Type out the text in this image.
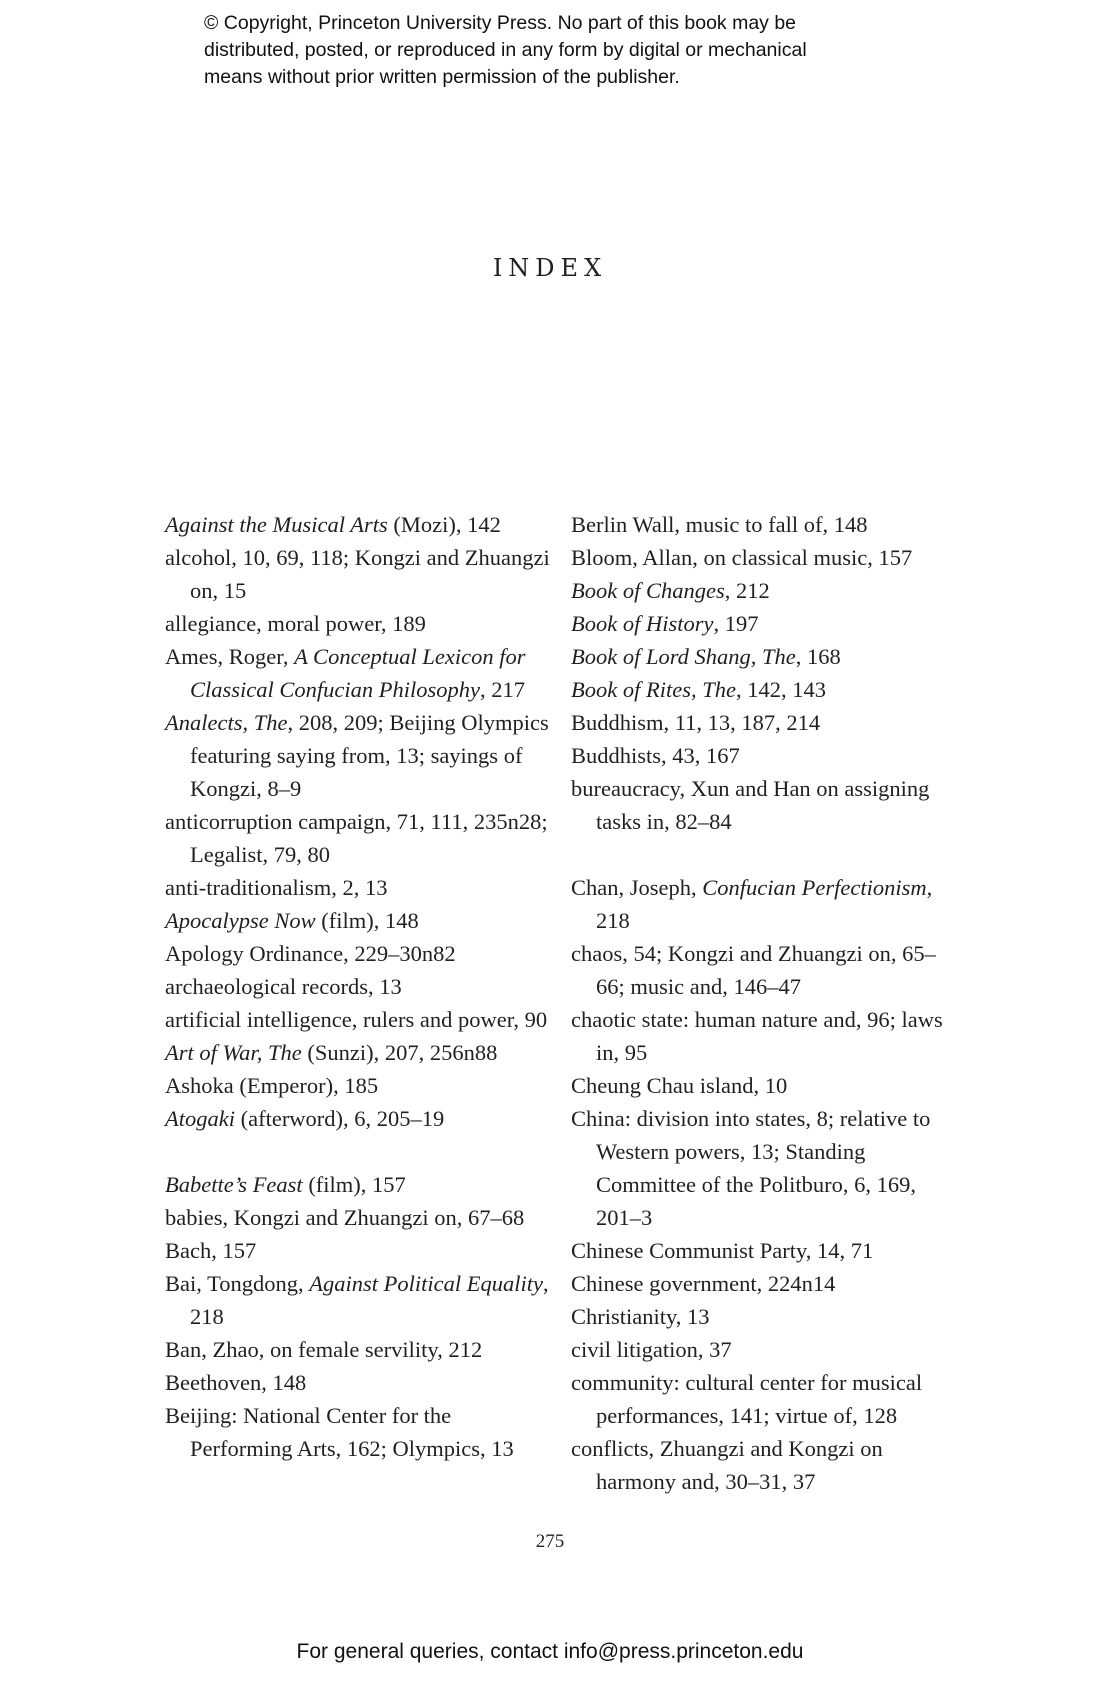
© Copyright, Princeton University Press. No part of this book may be
distributed, posted, or reproduced in any form by digital or mechanical
means without prior written permission of the publisher.
INDEX

Against the Musical Arts (Mozi), 142

alcohol, 10, 69, 118; Kongzi and Zhuangzi on, 15

allegiance, moral power, 189

Ames, Roger, A Conceptual Lexicon for Classical Confucian Philosophy, 217

Analects, The, 208, 209; Beijing Olympics featuring saying from, 13; sayings of Kongzi, 8–9

anticorruption campaign, 71, 111, 235n28; Legalist, 79, 80

anti-traditionalism, 2, 13

Apocalypse Now (film), 148

Apology Ordinance, 229–30n82

archaeological records, 13

artificial intelligence, rulers and power, 90

Art of War, The (Sunzi), 207, 256n88

Ashoka (Emperor), 185

Atogaki (afterword), 6, 205–19

Babette’s Feast (film), 157

babies, Kongzi and Zhuangzi on, 67–68

Bach, 157

Bai, Tongdong, Against Political Equality, 218

Ban, Zhao, on female servility, 212

Beethoven, 148

Beijing: National Center for the Performing Arts, 162; Olympics, 13

Berlin Wall, music to fall of, 148

Bloom, Allan, on classical music, 157

Book of Changes, 212

Book of History, 197

Book of Lord Shang, The, 168

Book of Rites, The, 142, 143

Buddhism, 11, 13, 187, 214

Buddhists, 43, 167

bureaucracy, Xun and Han on assigning tasks in, 82–84

Chan, Joseph, Confucian Perfectionism, 218

chaos, 54; Kongzi and Zhuangzi on, 65–66; music and, 146–47

chaotic state: human nature and, 96; laws in, 95

Cheung Chau island, 10

China: division into states, 8; relative to Western powers, 13; Standing Committee of the Politburo, 6, 169, 201–3

Chinese Communist Party, 14, 71

Chinese government, 224n14

Christianity, 13

civil litigation, 37

community: cultural center for musical performances, 141; virtue of, 128

conflicts, Zhuangzi and Kongzi on harmony and, 30–31, 37

275
For general queries, contact info@press.princeton.edu
